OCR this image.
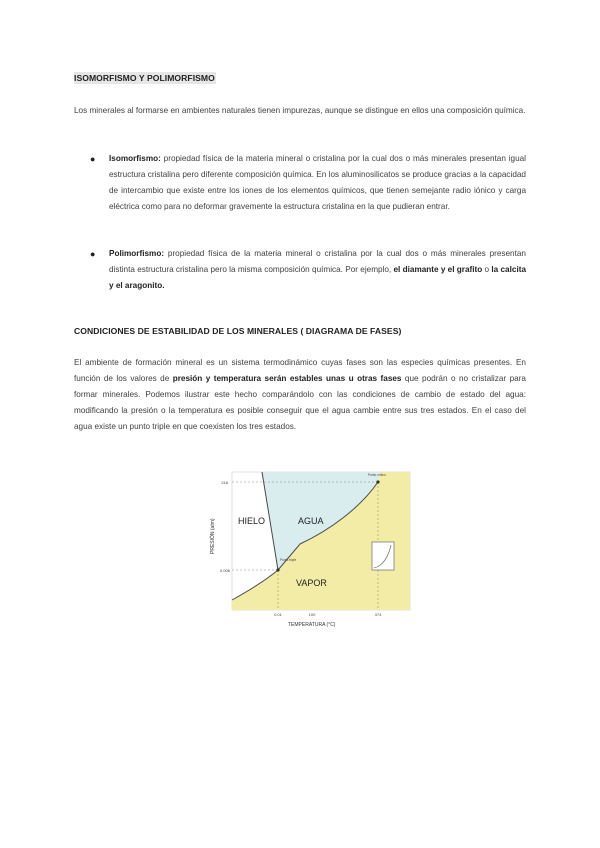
ISOMORFISMO Y POLIMORFISMO
Los minerales al formarse en ambientes naturales tienen impurezas, aunque se distingue en ellos una composición química.
● Isomorfismo: propiedad física de la materia mineral o cristalina por la cual dos o más minerales presentan igual estructura cristalina pero diferente composición química. En los aluminosilicatos se produce gracias a la capacidad de intercambio que existe entre los iones de los elementos químicos, que tienen semejante radio iónico y carga eléctrica como para no deformar gravemente la estructura cristalina en la que pudieran entrar.
● Polimorfismo: propiedad física de la materia mineral o cristalina por la cual dos o más minerales presentan distinta estructura cristalina pero la misma composición química. Por ejemplo, el diamante y el grafito o la calcita y el aragonito.
CONDICIONES DE ESTABILIDAD DE LOS MINERALES ( DIAGRAMA DE FASES)
El ambiente de formación mineral es un sistema termodinámico cuyas fases son las especies químicas presentes. En función de los valores de presión y temperatura serán estables unas u otras fases que podrán o no cristalizar para formar minerales. Podemos ilustrar este hecho comparándolo con las condiciones de cambio de estado del agua: modificando la presión o la temperatura es posible conseguir que el agua cambie entre sus tres estados. En el caso del agua existe un punto triple en que coexisten los tres estados.
HIELO	AGUA
VAPOR
218
0.006
0.01	100	374
Punto triple
Punto crítico
TEMPERATURA (°C)
PRESIÓN (atm)
